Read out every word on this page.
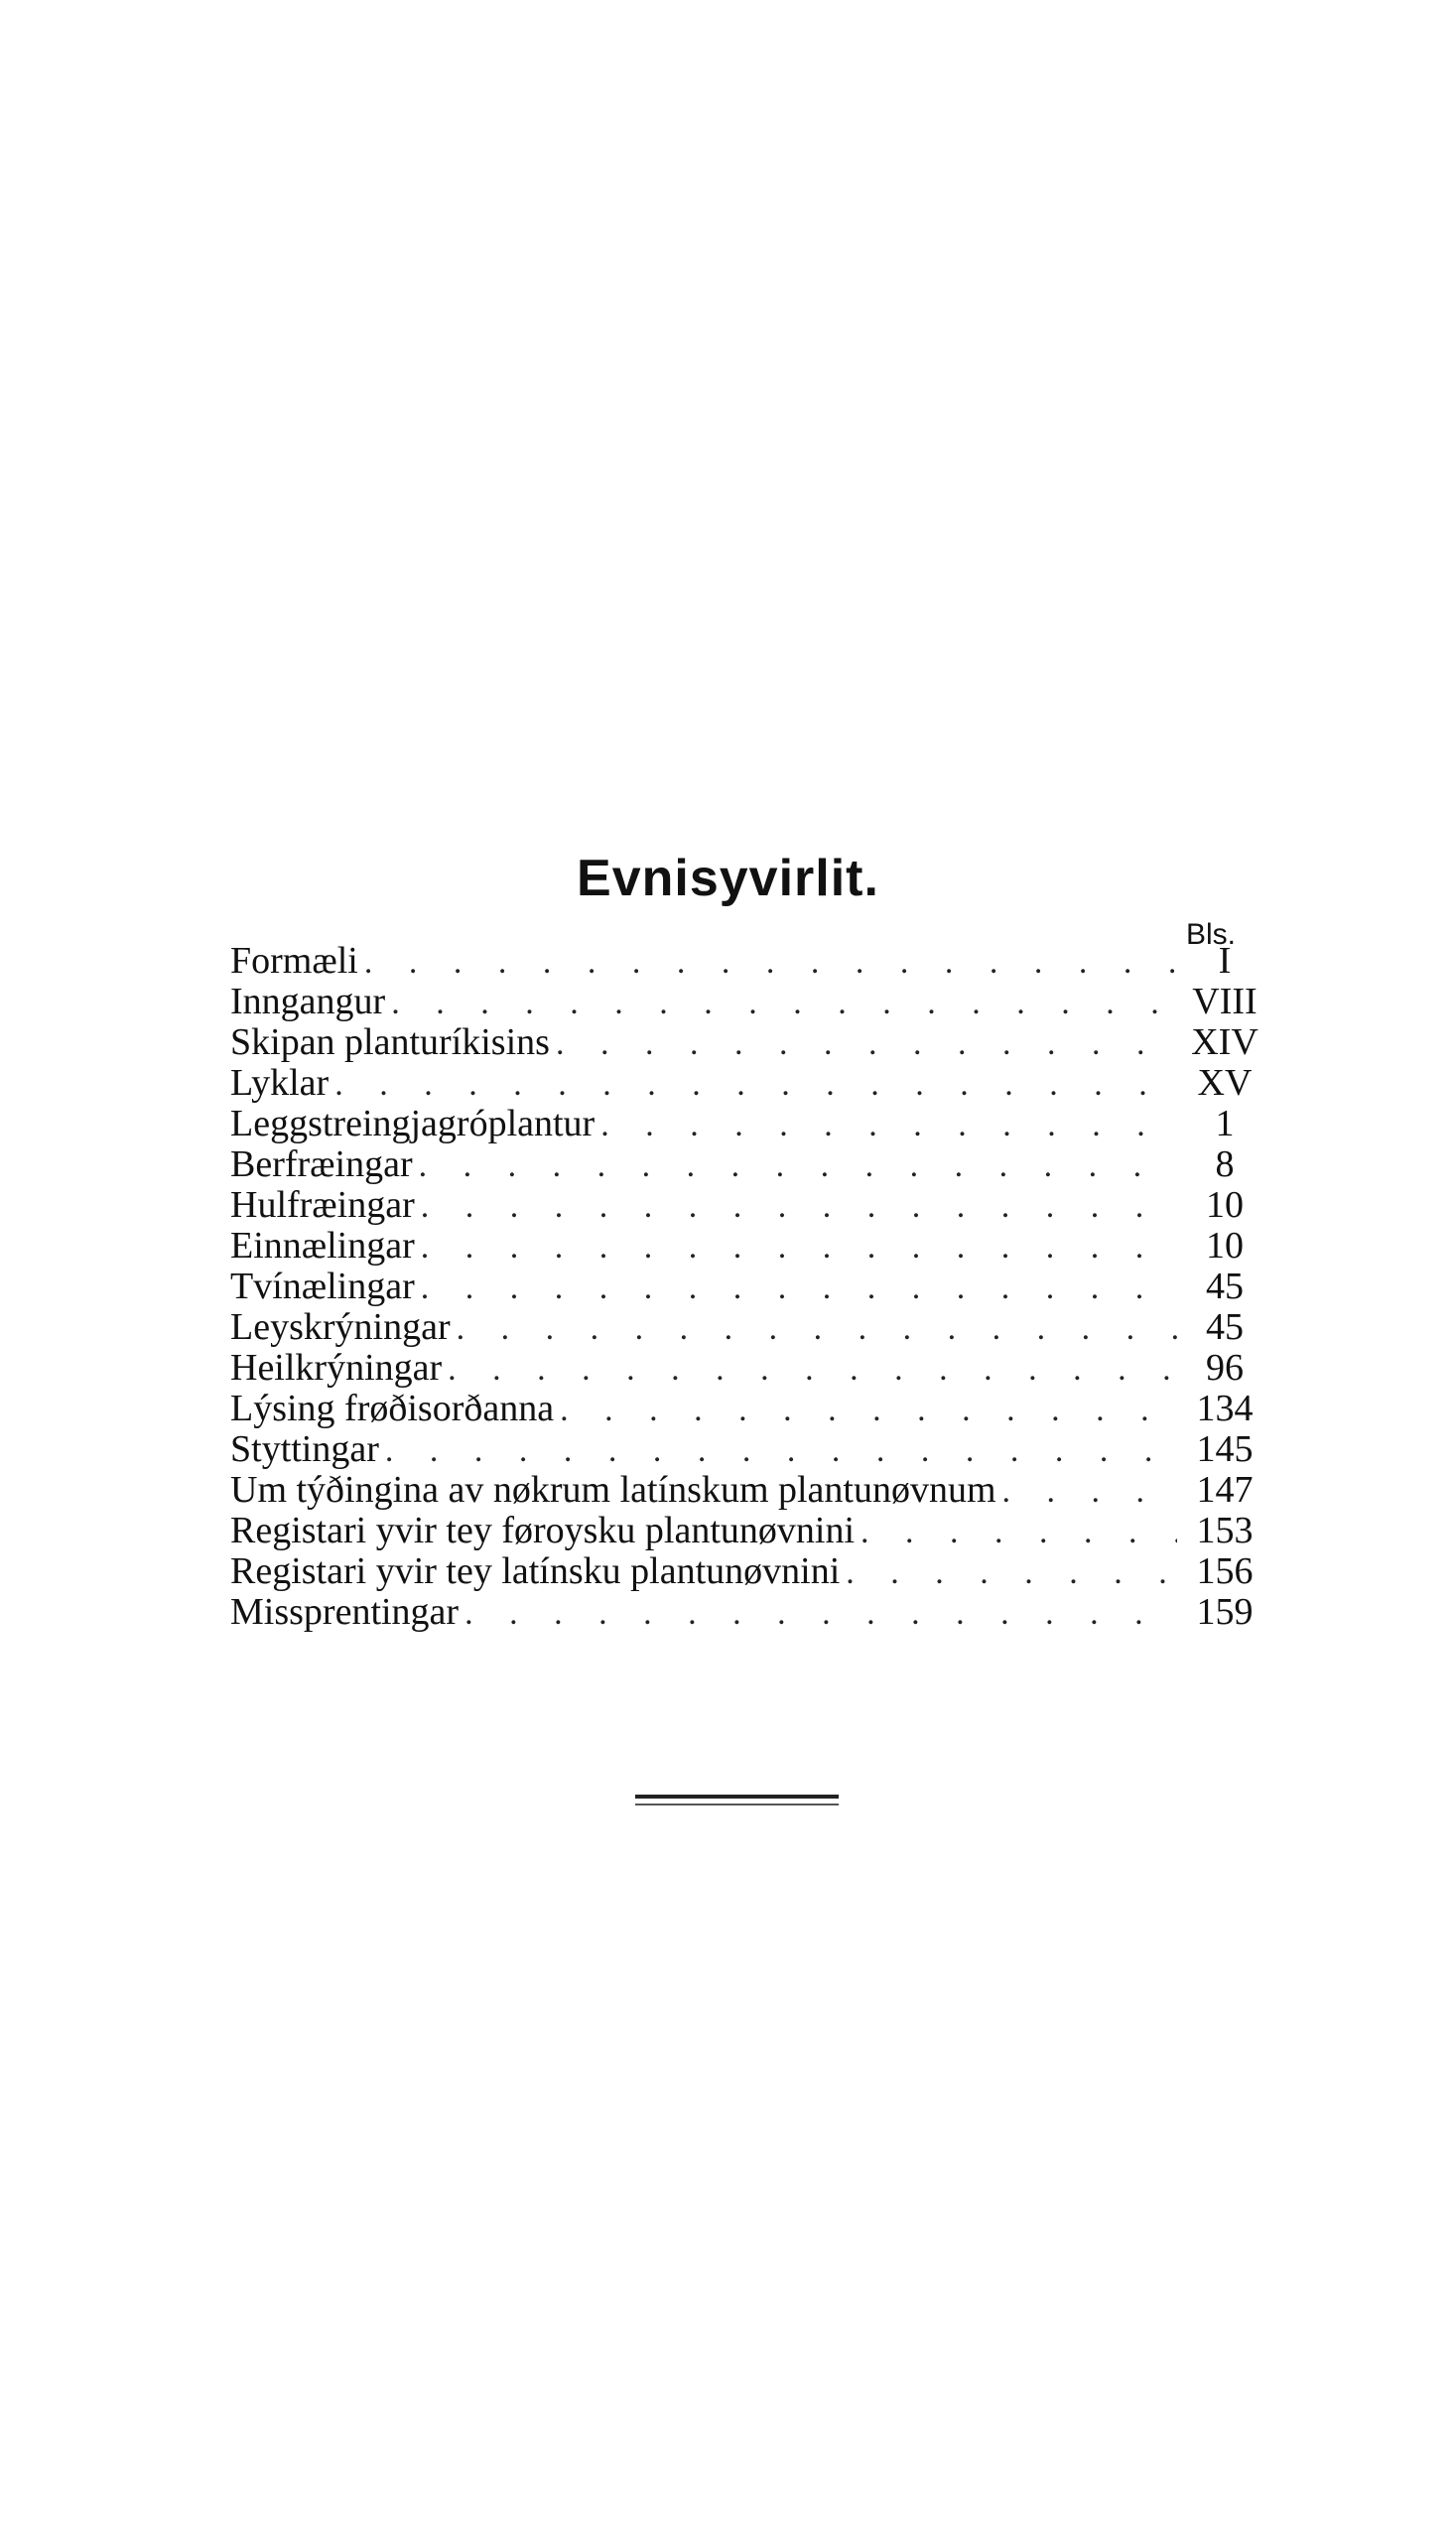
Evnisyvirlit.
Bls.
Formæli . . .	I
Inngangur . . .	VIII
Skipan planturíkisins . . .	XIV
Lyklar . . .	XV
Leggstreingjagróplantur . . .	1
Berfræingar . . .	8
Hulfræingar . . .	10
Einnælingar . . .	10
Tvínælingar . . .	45
Leyskrýningar . . .	45
Heilkrýningar . . .	96
Lýsing frøðisorðanna . . .	134
Styttingar . . .	145
Um týðingina av nøkrum latínskum plantunøvnum . . .	147
Registari yvir tey føroysku plantunøvnini . . .	153
Registari yvir tey latínsku plantunøvnini . . .	156
Missprentingar . . .	159
